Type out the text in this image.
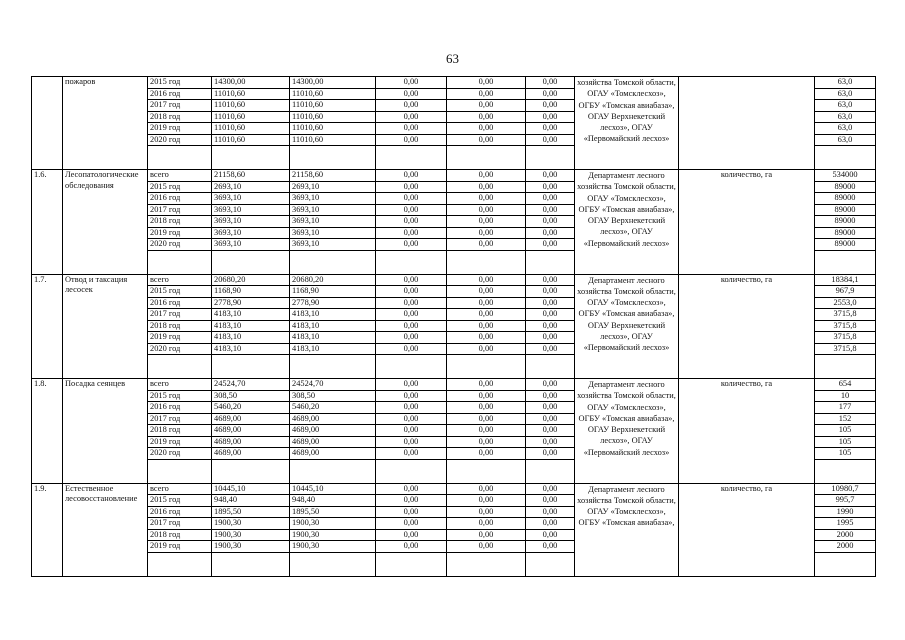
63
	пожаров	2015 год	14300,00	14300,00	0,00	0,00	0,00	хозяйства Томской области, ОГАУ «Томсклесхоз», ОГБУ «Томская авиабаза», ОГАУ Верхнекетский лесхоз», ОГАУ «Первомайский лесхоз»		63,0
		2016 год	11010,60	11010,60	0,00	0,00	0,00			63,0
		2017 год	11010,60	11010,60	0,00	0,00	0,00			63,0
		2018 год	11010,60	11010,60	0,00	0,00	0,00			63,0
		2019 год	11010,60	11010,60	0,00	0,00	0,00			63,0
		2020 год	11010,60	11010,60	0,00	0,00	0,00			63,0

1.6.	Лесопатологические обследования	всего	21158,60	21158,60	0,00	0,00	0,00	Департамент лесного хозяйства Томской области, ОГАУ «Томсклесхоз», ОГБУ «Томская авиабаза», ОГАУ Верхнекетский лесхоз», ОГАУ «Первомайский лесхоз»	количество, га	534000
		2015 год	2693,10	2693,10	0,00	0,00	0,00			89000
		2016 год	3693,10	3693,10	0,00	0,00	0,00			89000
		2017 год	3693,10	3693,10	0,00	0,00	0,00			89000
		2018 год	3693,10	3693,10	0,00	0,00	0,00			89000
		2019 год	3693,10	3693,10	0,00	0,00	0,00			89000
		2020 год	3693,10	3693,10	0,00	0,00	0,00			89000

1.7.	Отвод и таксация лесосек	всего	20680,20	20680,20	0,00	0,00	0,00	Департамент лесного хозяйства Томской области, ОГАУ «Томсклесхоз», ОГБУ «Томская авиабаза», ОГАУ Верхнекетский лесхоз», ОГАУ «Первомайский лесхоз»	количество, га	18384,1
		2015 год	1168,90	1168,90	0,00	0,00	0,00			967,9
		2016 год	2778,90	2778,90	0,00	0,00	0,00			2553,0
		2017 год	4183,10	4183,10	0,00	0,00	0,00			3715,8
		2018 год	4183,10	4183,10	0,00	0,00	0,00			3715,8
		2019 год	4183,10	4183,10	0,00	0,00	0,00			3715,8
		2020 год	4183,10	4183,10	0,00	0,00	0,00			3715,8

1.8.	Посадка сеянцев	всего	24524,70	24524,70	0,00	0,00	0,00	Департамент лесного хозяйства Томской области, ОГАУ «Томсклесхоз», ОГБУ «Томская авиабаза», ОГАУ Верхнекетский лесхоз», ОГАУ «Первомайский лесхоз»	количество, га	654
		2015 год	308,50	308,50	0,00	0,00	0,00			10
		2016 год	5460,20	5460,20	0,00	0,00	0,00			177
		2017 год	4689,00	4689,00	0,00	0,00	0,00			152
		2018 год	4689,00	4689,00	0,00	0,00	0,00			105
		2019 год	4689,00	4689,00	0,00	0,00	0,00			105
		2020 год	4689,00	4689,00	0,00	0,00	0,00			105

1.9.	Естественное лесовосстановление	всего	10445,10	10445,10	0,00	0,00	0,00	Департамент лесного хозяйства Томской области, ОГАУ «Томсклесхоз», ОГБУ «Томская авиабаза»,	количество, га	10980,7
		2015 год	948,40	948,40	0,00	0,00	0,00			995,7
		2016 год	1895,50	1895,50	0,00	0,00	0,00			1990
		2017 год	1900,30	1900,30	0,00	0,00	0,00			1995
		2018 год	1900,30	1900,30	0,00	0,00	0,00			2000
		2019 год	1900,30	1900,30	0,00	0,00	0,00			2000
